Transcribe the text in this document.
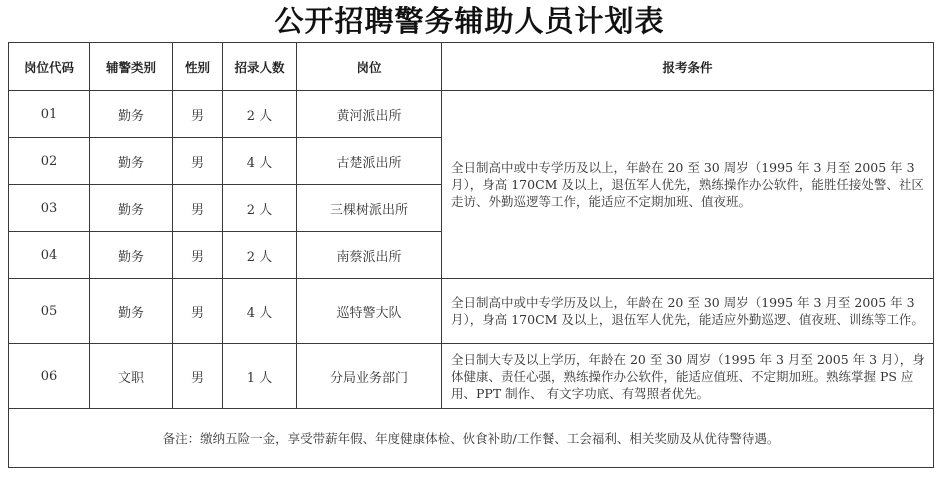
公开招聘警务辅助人员计划表
岗位代码	辅警类别	性别	招录人数	岗位	报考条件
01	勤务	男	2 人	黄河派出所	全日制高中或中专学历及以上，年龄在 20 至 30 周岁（1995 年 3 月至 2005 年 3 月），身高 170CM 及以上，退伍军人优先，熟练操作办公软件，能胜任接处警、社区走访、外勤巡逻等工作，能适应不定期加班、值夜班。
02	勤务	男	4 人	古楚派出所	
03	勤务	男	2 人	三棵树派出所	
04	勤务	男	2 人	南蔡派出所	
05	勤务	男	4 人	巡特警大队	全日制高中或中专学历及以上，年龄在 20 至 30 周岁（1995 年 3 月至 2005 年 3 月），身高 170CM 及以上，退伍军人优先，能适应外勤巡逻、值夜班、训练等工作。
06	文职	男	1 人	分局业务部门	全日制大专及以上学历，年龄在 20 至 30 周岁（1995 年 3 月至 2005 年 3 月），身体健康、责任心强，熟练操作办公软件，能适应值班、不定期加班。熟练掌握 PS 应用、PPT 制作、 有文字功底、有驾照者优先。
备注：缴纳五险一金，享受带薪年假、年度健康体检、伙食补助/工作餐、工会福利、相关奖励及从优待警待遇。					
